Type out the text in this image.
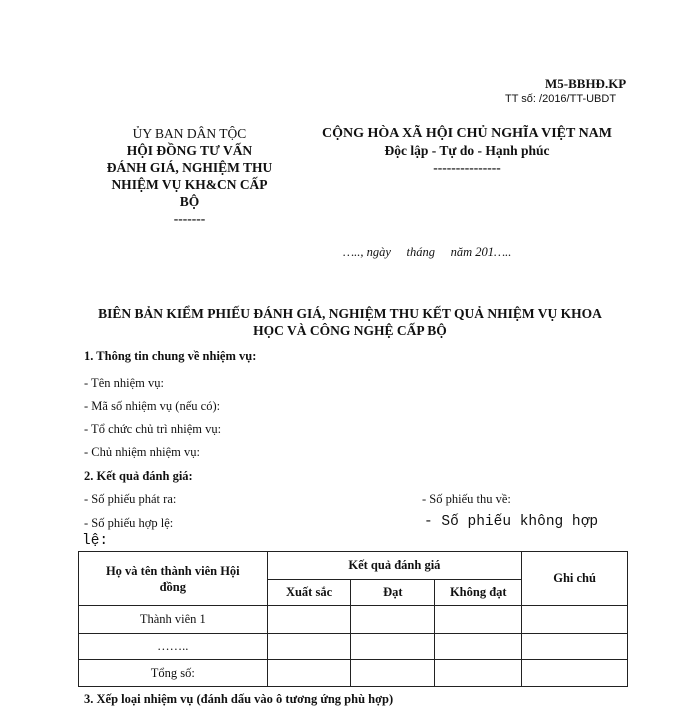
M5-BBHĐ.KP
TT số: /2016/TT-UBDT
ỦY BAN DÂN TỘC
HỘI ĐỒNG TƯ VẤN
ĐÁNH GIÁ, NGHIỆM THU
NHIỆM VỤ KH&CN CẤP
BỘ
-------
CỘNG HÒA XÃ HỘI CHỦ NGHĨA VIỆT NAM
Độc lập - Tự do - Hạnh phúc
---------------
….., ngày     tháng     năm 201…..
BIÊN BẢN KIỂM PHIẾU ĐÁNH GIÁ, NGHIỆM THU KẾT QUẢ NHIỆM VỤ KHOA
HỌC VÀ CÔNG NGHỆ CẤP BỘ
1. Thông tin chung về nhiệm vụ:
- Tên nhiệm vụ:
- Mã số nhiệm vụ (nếu có):
- Tổ chức chủ trì nhiệm vụ:
- Chủ nhiệm nhiệm vụ:
2. Kết quả đánh giá:
- Số phiếu phát ra:	- Số phiếu thu về:
- Số phiếu hợp lệ:	- Số phiếu không hợp
lệ:
Họ và tên thành viên Hội
đồng	Kết quả đánh giá			Ghi chú
	Xuất sắc	Đạt	Không đạt	
Thành viên 1				
……..				
Tổng số:				
3. Xếp loại nhiệm vụ (đánh dấu vào ô tương ứng phù hợp)
